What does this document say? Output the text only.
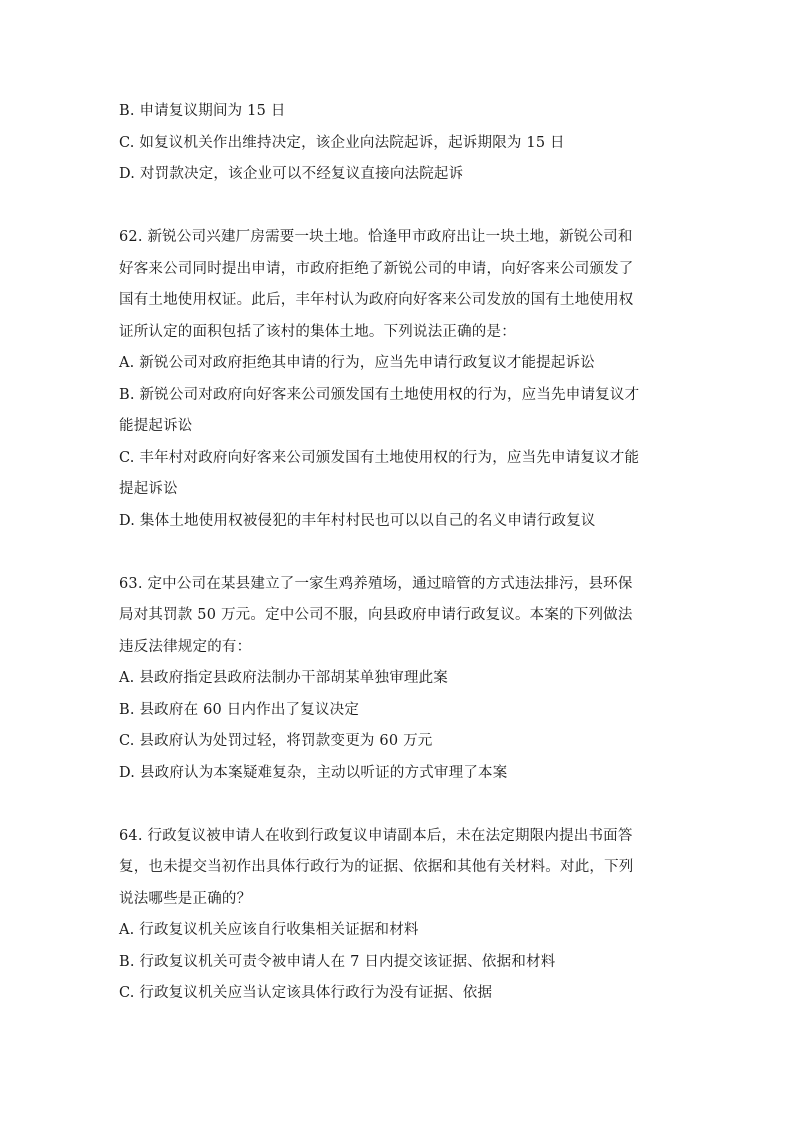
B. 申请复议期间为 15 日
C. 如复议机关作出维持决定，该企业向法院起诉，起诉期限为 15 日
D. 对罚款决定，该企业可以不经复议直接向法院起诉
62. 新锐公司兴建厂房需要一块土地。恰逢甲市政府出让一块土地，新锐公司和
好客来公司同时提出申请，市政府拒绝了新锐公司的申请，向好客来公司颁发了
国有土地使用权证。此后，丰年村认为政府向好客来公司发放的国有土地使用权
证所认定的面积包括了该村的集体土地。下列说法正确的是：
A. 新锐公司对政府拒绝其申请的行为，应当先申请行政复议才能提起诉讼
B. 新锐公司对政府向好客来公司颁发国有土地使用权的行为，应当先申请复议才
能提起诉讼
C. 丰年村对政府向好客来公司颁发国有土地使用权的行为，应当先申请复议才能
提起诉讼
D. 集体土地使用权被侵犯的丰年村村民也可以以自己的名义申请行政复议
63. 定中公司在某县建立了一家生鸡养殖场，通过暗管的方式违法排污，县环保
局对其罚款 50 万元。定中公司不服，向县政府申请行政复议。本案的下列做法
违反法律规定的有：
A. 县政府指定县政府法制办干部胡某单独审理此案
B. 县政府在 60 日内作出了复议决定
C. 县政府认为处罚过轻，将罚款变更为 60 万元
D. 县政府认为本案疑难复杂，主动以听证的方式审理了本案
64. 行政复议被申请人在收到行政复议申请副本后，未在法定期限内提出书面答
复，也未提交当初作出具体行政行为的证据、依据和其他有关材料。对此，下列
说法哪些是正确的？
A. 行政复议机关应该自行收集相关证据和材料
B. 行政复议机关可责令被申请人在 7 日内提交该证据、依据和材料
C. 行政复议机关应当认定该具体行政行为没有证据、依据
